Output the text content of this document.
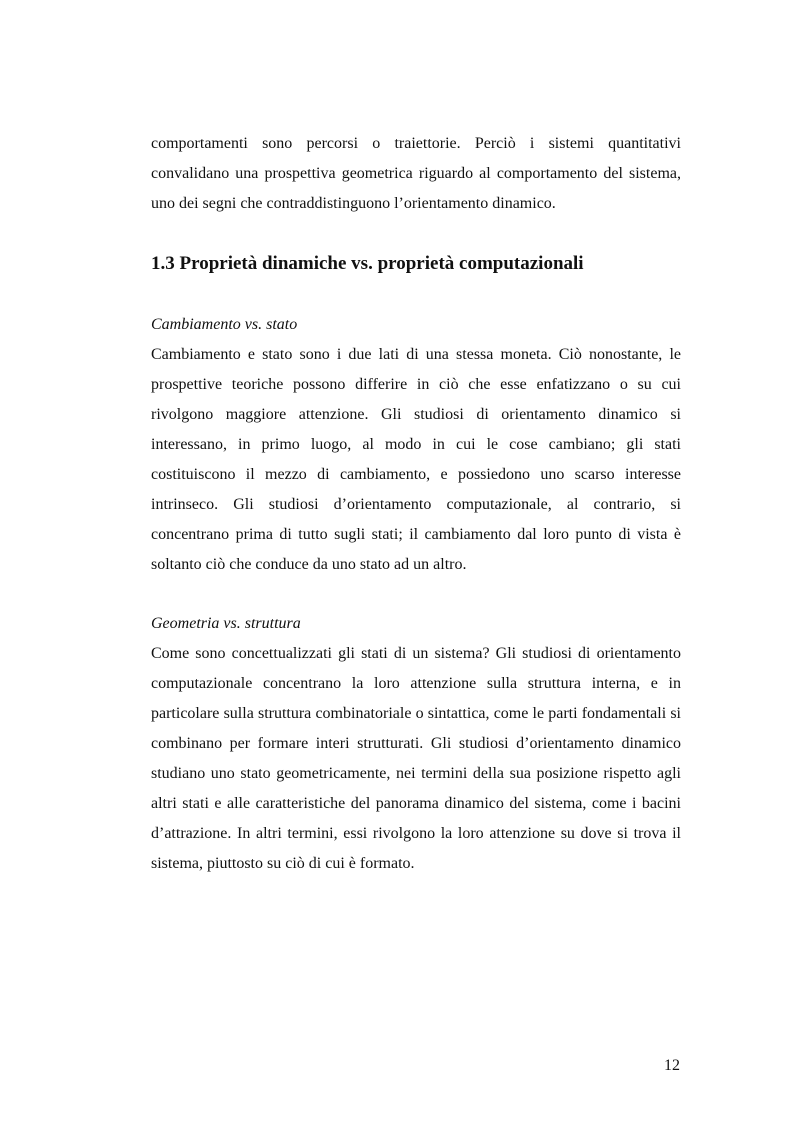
comportamenti sono percorsi o traiettorie. Perciò i sistemi quantitativi convalidano una prospettiva geometrica riguardo al comportamento del sistema, uno dei segni che contraddistinguono l’orientamento dinamico.

1.3 Proprietà dinamiche vs. proprietà computazionali

Cambiamento vs. stato

Cambiamento e stato sono i due lati di una stessa moneta. Ciò nonostante, le prospettive teoriche possono differire in ciò che esse enfatizzano o su cui rivolgono maggiore attenzione. Gli studiosi di orientamento dinamico si interessano, in primo luogo, al modo in cui le cose cambiano; gli stati costituiscono il mezzo di cambiamento, e possiedono uno scarso interesse intrinseco. Gli studiosi d’orientamento computazionale, al contrario, si concentrano prima di tutto sugli stati; il cambiamento dal loro punto di vista è soltanto ciò che conduce da uno stato ad un altro.

Geometria vs. struttura

Come sono concettualizzati gli stati di un sistema? Gli studiosi di orientamento computazionale concentrano la loro attenzione sulla struttura interna, e in particolare sulla struttura combinatoriale o sintattica, come le parti fondamentali si combinano per formare interi strutturati. Gli studiosi d’orientamento dinamico studiano uno stato geometricamente, nei termini della sua posizione rispetto agli altri stati e alle caratteristiche del panorama dinamico del sistema, come i bacini d’attrazione. In altri termini, essi rivolgono la loro attenzione su dove si trova il sistema, piuttosto su ciò di cui è formato.

12
